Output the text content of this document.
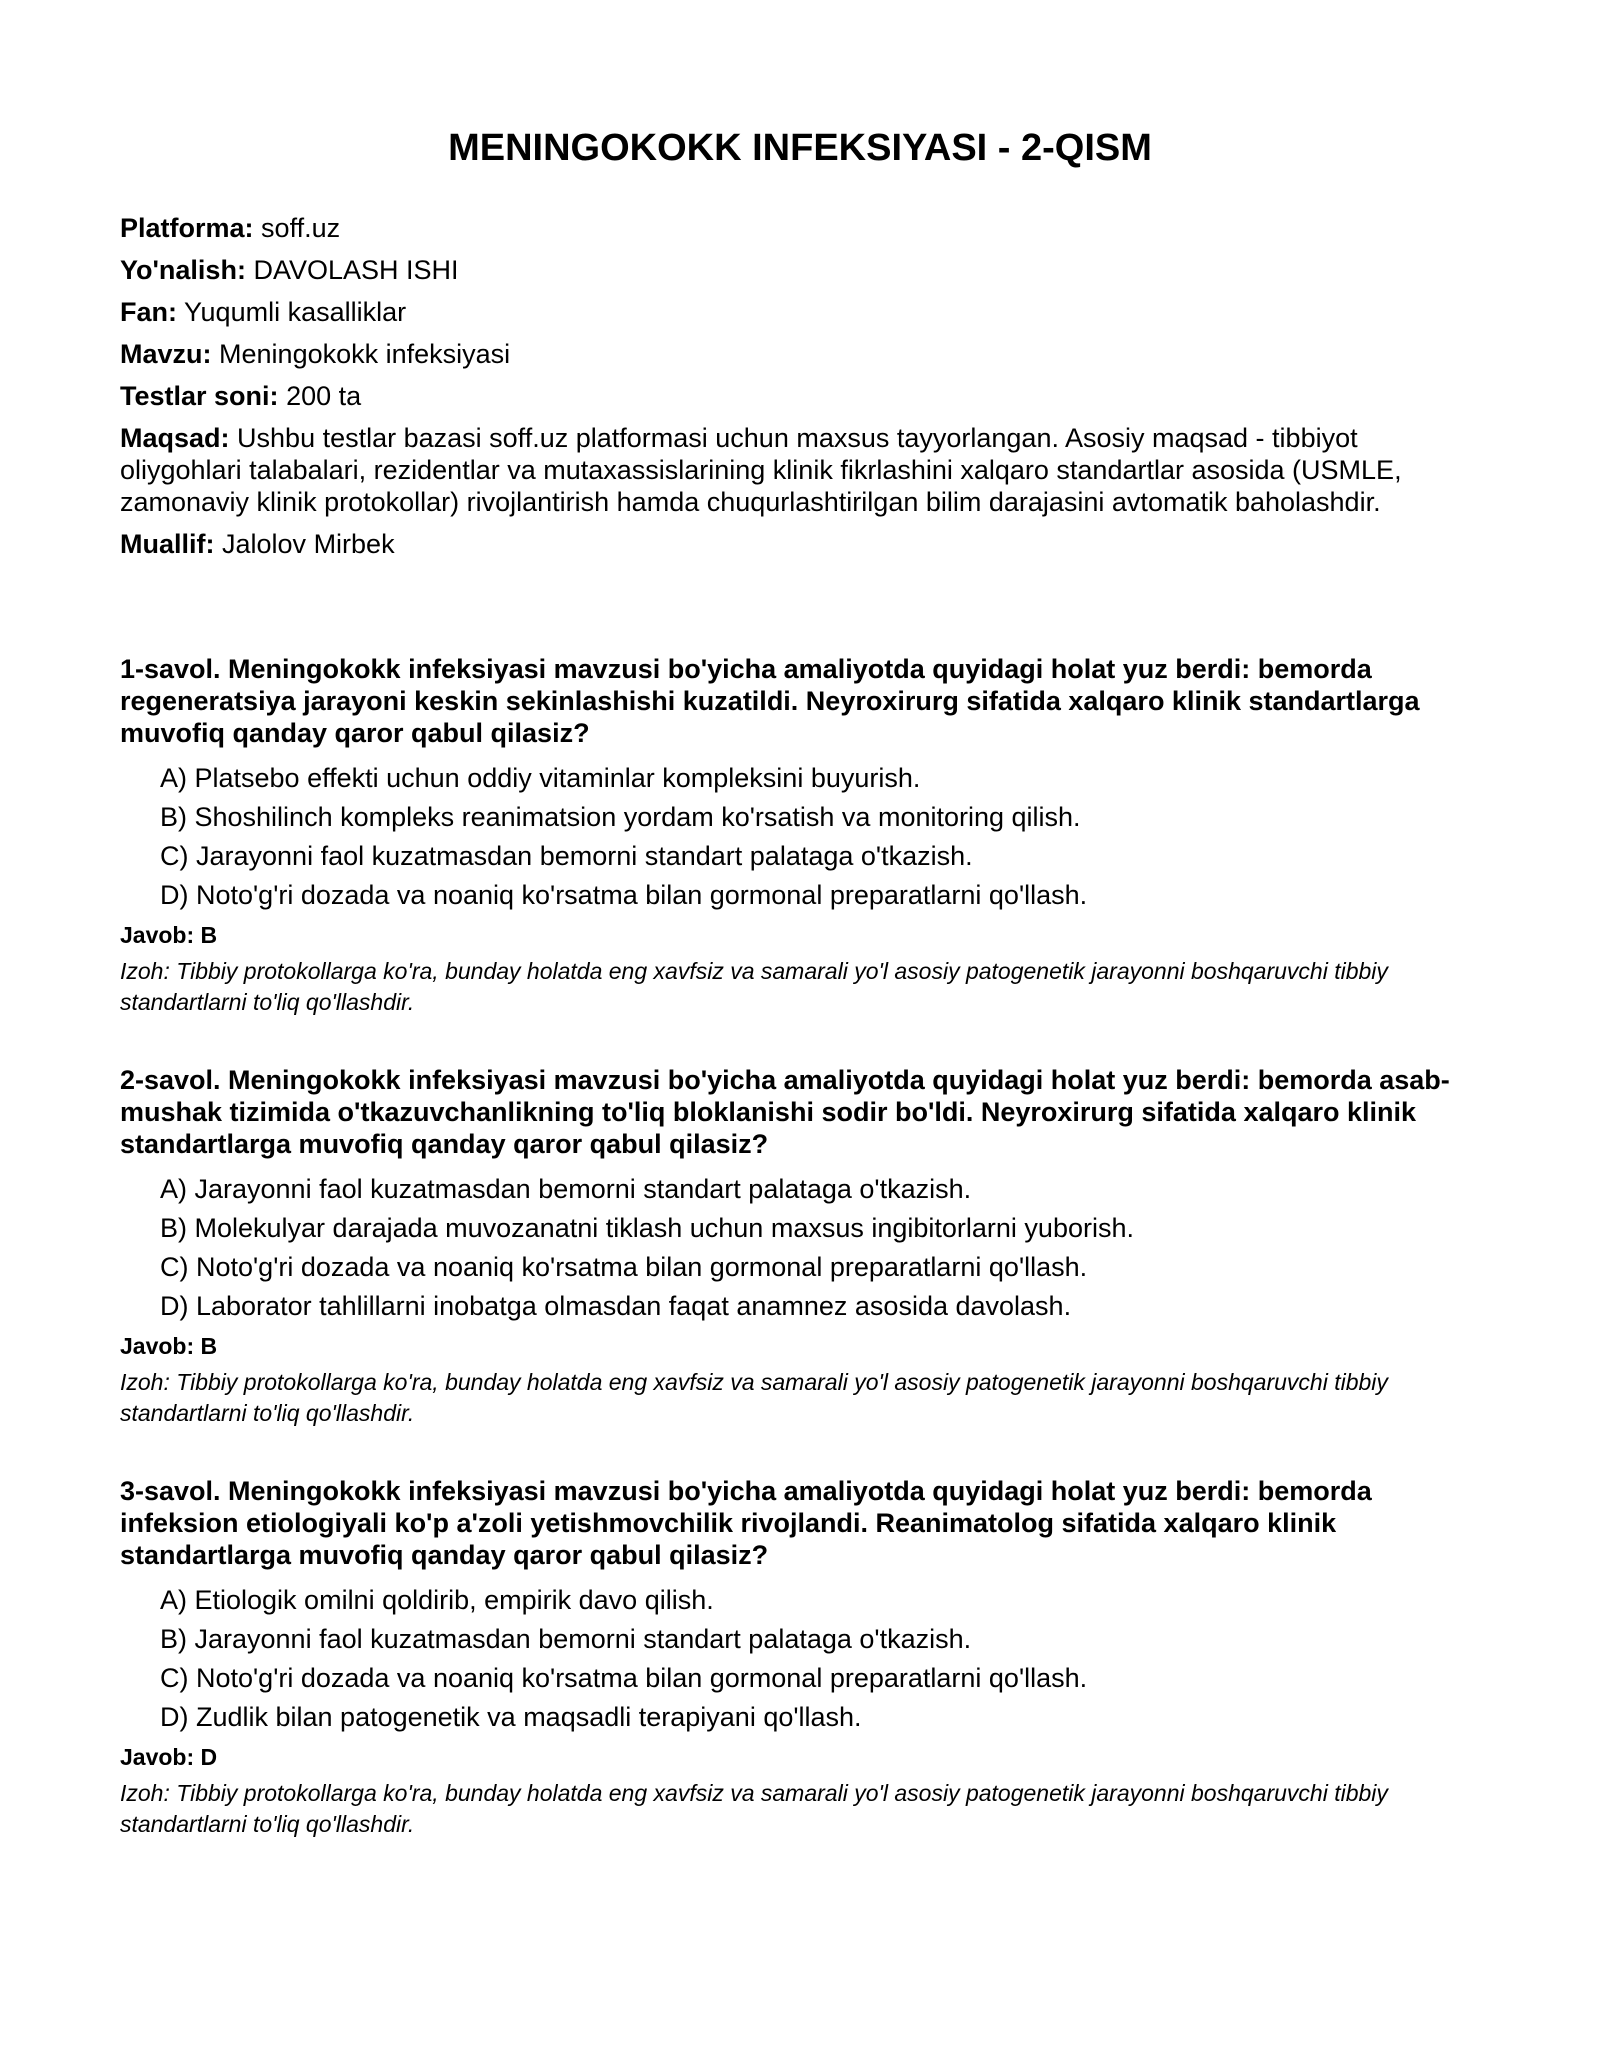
MENINGOKOKK INFEKSIYASI - 2-QISM

Platforma: soff.uz

Yo'nalish: DAVOLASH ISHI

Fan: Yuqumli kasalliklar

Mavzu: Meningokokk infeksiyasi

Testlar soni: 200 ta

Maqsad: Ushbu testlar bazasi soff.uz platformasi uchun maxsus tayyorlangan. Asosiy maqsad - tibbiyot oliygohlari talabalari, rezidentlar va mutaxassislarining klinik fikrlashini xalqaro standartlar asosida (USMLE, zamonaviy klinik protokollar) rivojlantirish hamda chuqurlashtirilgan bilim darajasini avtomatik baholashdir.

Muallif: Jalolov Mirbek

1-savol. Meningokokk infeksiyasi mavzusi bo'yicha amaliyotda quyidagi holat yuz berdi: bemorda regeneratsiya jarayoni keskin sekinlashishi kuzatildi. Neyroxirurg sifatida xalqaro klinik standartlarga muvofiq qanday qaror qabul qilasiz?

A) Platsebo effekti uchun oddiy vitaminlar kompleksini buyurish.
B) Shoshilinch kompleks reanimatsion yordam ko'rsatish va monitoring qilish.
C) Jarayonni faol kuzatmasdan bemorni standart palataga o'tkazish.
D) Noto'g'ri dozada va noaniq ko'rsatma bilan gormonal preparatlarni qo'llash.

Javob: B

Izoh: Tibbiy protokollarga ko'ra, bunday holatda eng xavfsiz va samarali yo'l asosiy patogenetik jarayonni boshqaruvchi tibbiy standartlarni to'liq qo'llashdir.

2-savol. Meningokokk infeksiyasi mavzusi bo'yicha amaliyotda quyidagi holat yuz berdi: bemorda asab-mushak tizimida o'tkazuvchanlikning to'liq bloklanishi sodir bo'ldi. Neyroxirurg sifatida xalqaro klinik standartlarga muvofiq qanday qaror qabul qilasiz?

A) Jarayonni faol kuzatmasdan bemorni standart palataga o'tkazish.
B) Molekulyar darajada muvozanatni tiklash uchun maxsus ingibitorlarni yuborish.
C) Noto'g'ri dozada va noaniq ko'rsatma bilan gormonal preparatlarni qo'llash.
D) Laborator tahlillarni inobatga olmasdan faqat anamnez asosida davolash.

Javob: B

Izoh: Tibbiy protokollarga ko'ra, bunday holatda eng xavfsiz va samarali yo'l asosiy patogenetik jarayonni boshqaruvchi tibbiy standartlarni to'liq qo'llashdir.

3-savol. Meningokokk infeksiyasi mavzusi bo'yicha amaliyotda quyidagi holat yuz berdi: bemorda infeksion etiologiyali ko'p a'zoli yetishmovchilik rivojlandi. Reanimatolog sifatida xalqaro klinik standartlarga muvofiq qanday qaror qabul qilasiz?

A) Etiologik omilni qoldirib, empirik davo qilish.
B) Jarayonni faol kuzatmasdan bemorni standart palataga o'tkazish.
C) Noto'g'ri dozada va noaniq ko'rsatma bilan gormonal preparatlarni qo'llash.
D) Zudlik bilan patogenetik va maqsadli terapiyani qo'llash.

Javob: D

Izoh: Tibbiy protokollarga ko'ra, bunday holatda eng xavfsiz va samarali yo'l asosiy patogenetik jarayonni boshqaruvchi tibbiy standartlarni to'liq qo'llashdir.
